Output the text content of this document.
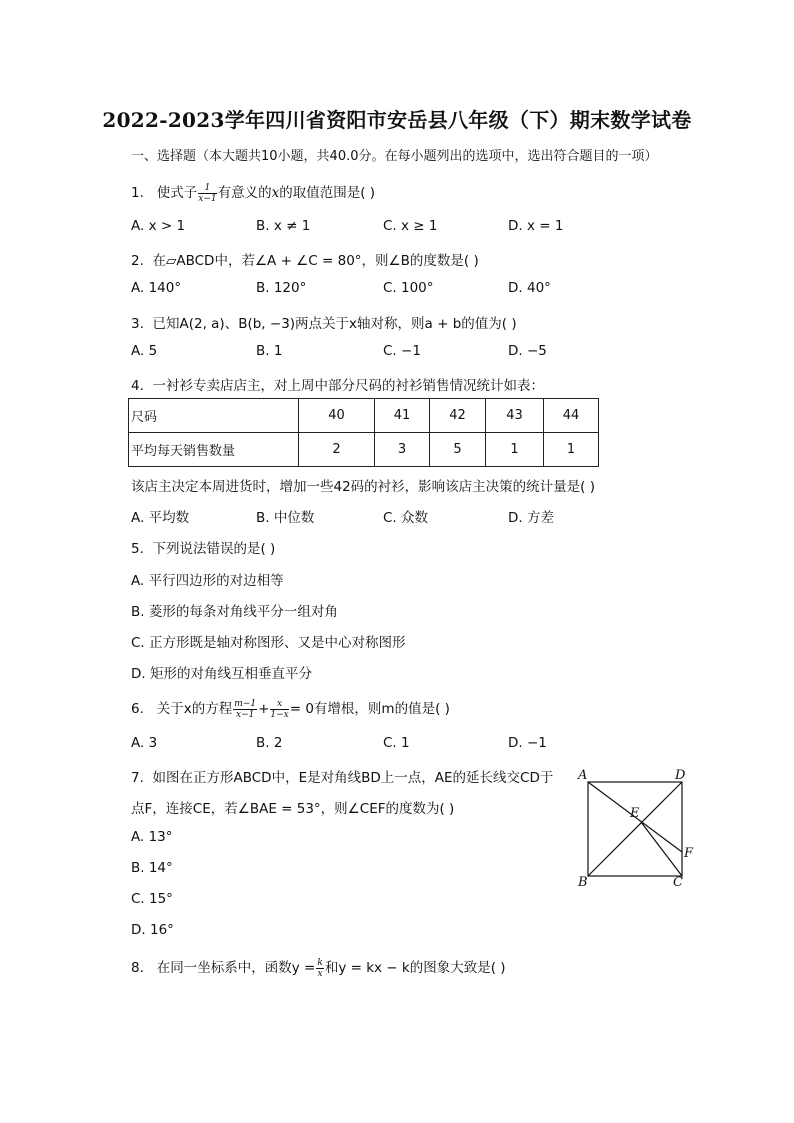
2022-2023学年四川省资阳市安岳县八年级（下）期末数学试卷
一、选择题（本大题共10小题，共40.0分。在每小题列出的选项中，选出符合题目的一项）
1. 使式子 $\frac{1}{x-1}$ 有意义的x的取值范围是( )
A. x > 1	B. x ≠ 1	C. x ≥ 1	D. x = 1
2. 在▱ABCD中，若∠A + ∠C = 80°，则∠B的度数是( )
A. 140°	B. 120°	C. 100°	D. 40°
3. 已知A(2, a)、B(b, −3)两点关于x轴对称，则a + b的值为( )
A. 5	B. 1	C. −1	D. −5
4. 一衬衫专卖店店主，对上周中部分尺码的衬衫销售情况统计如表：
尺码	40	41	42	43	44
平均每天销售数量	2	3	5	1	1
该店主决定本周进货时，增加一些42码的衬衫，影响该店主决策的统计量是( )
A. 平均数	B. 中位数	C. 众数	D. 方差
5. 下列说法错误的是( )
A. 平行四边形的对边相等
B. 菱形的每条对角线平分一组对角
C. 正方形既是轴对称图形、又是中心对称图形
D. 矩形的对角线互相垂直平分
6. 关于x的方程 $\frac{m-1}{x-1} + \frac{x}{1-x} = 0$有增根，则m的值是( )
A. 3	B. 2	C. 1	D. −1
7. 如图在正方形ABCD中，E是对角线BD上一点，AE的延长线交CD于
点F，连接CE，若∠BAE = 53°，则∠CEF的度数为( )
A. 13°
B. 14°
C. 15°
D. 16°
A	D
E
F
B	C
8. 在同一坐标系中，函数$y = \frac{k}{x}$ 和y = kx − k的图象大致是( )
